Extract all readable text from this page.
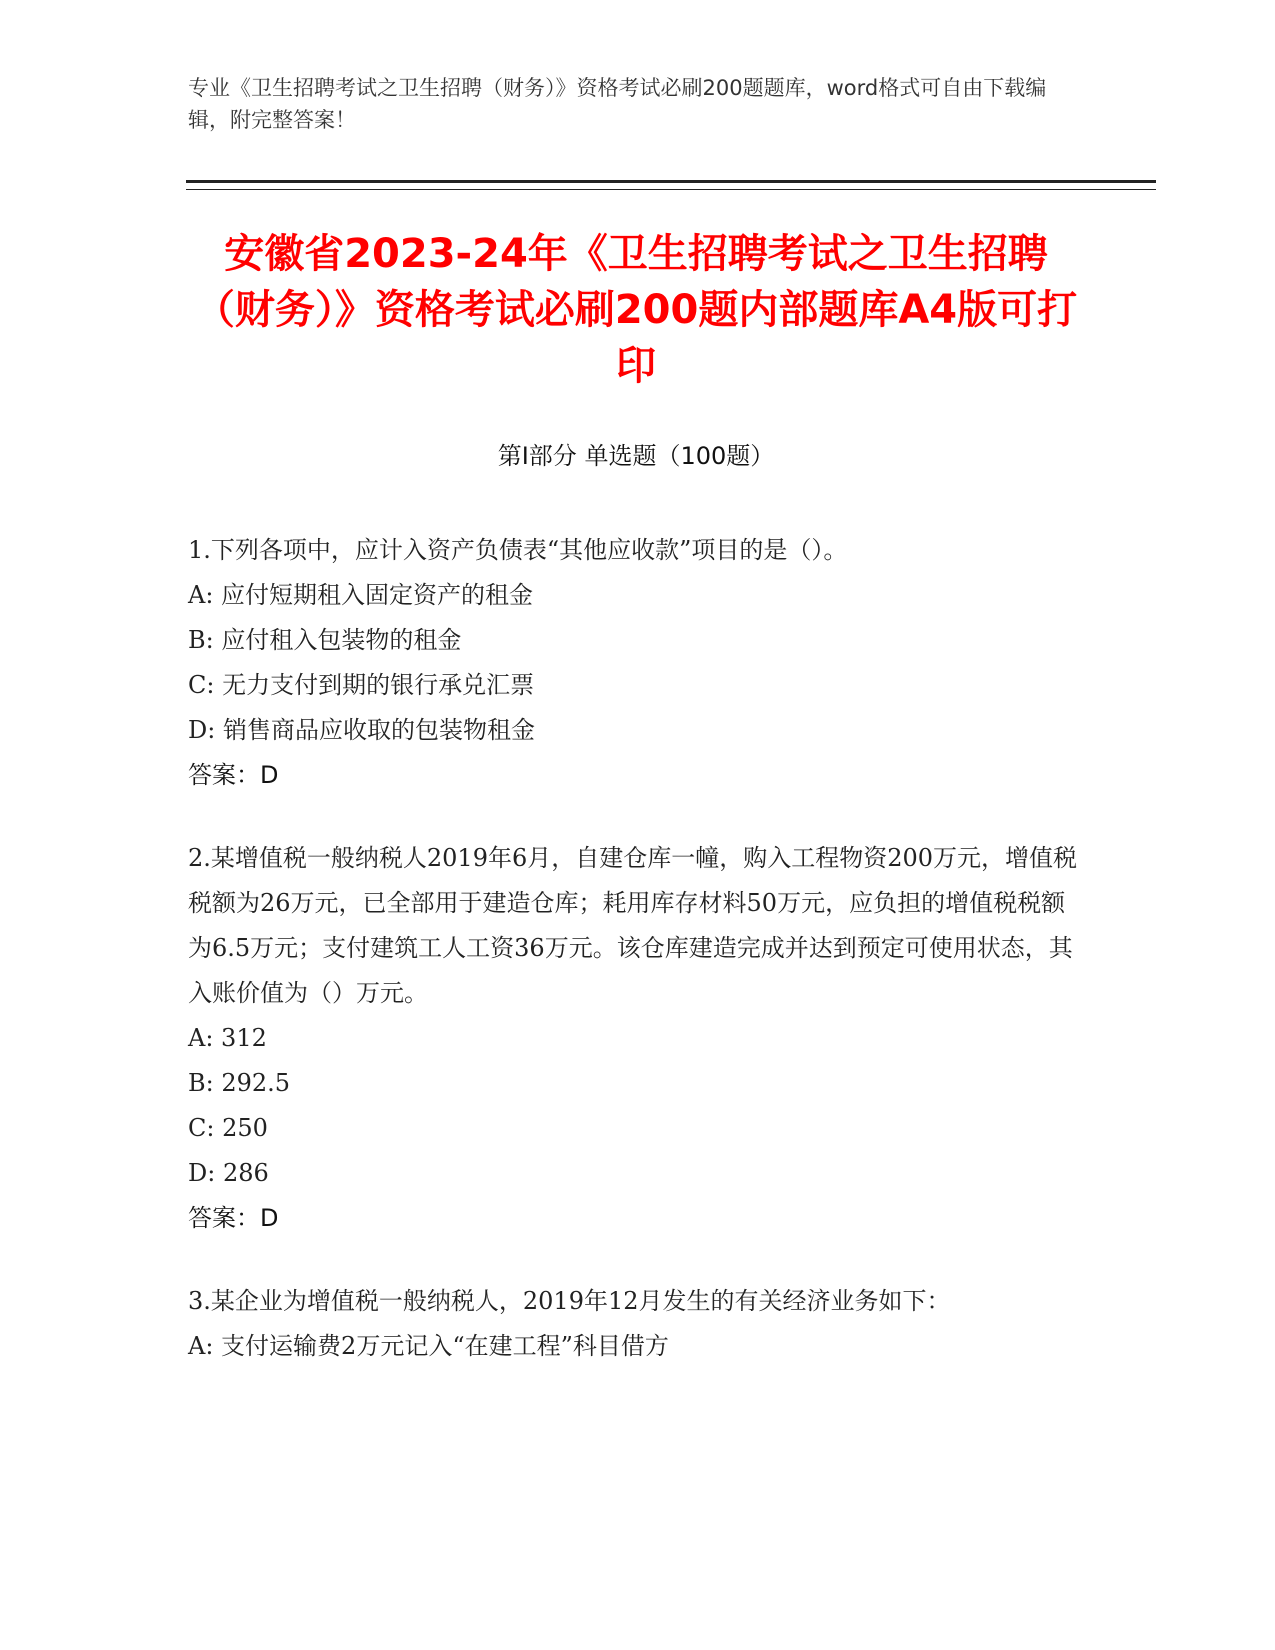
专业《卫生招聘考试之卫生招聘（财务）》资格考试必刷200题题库，word格式可自由下载编辑，附完整答案！
安徽省2023-24年《卫生招聘考试之卫生招聘（财务）》资格考试必刷200题内部题库A4版可打印
第I部分 单选题（100题）
1.下列各项中，应计入资产负债表“其他应收款”项目的是（）。
A: 应付短期租入固定资产的租金
B: 应付租入包装物的租金
C: 无力支付到期的银行承兑汇票
D: 销售商品应收取的包装物租金
答案：D
2.某增值税一般纳税人2019年6月，自建仓库一幢，购入工程物资200万元，增值税税额为26万元，已全部用于建造仓库；耗用库存材料50万元，应负担的增值税税额为6.5万元；支付建筑工人工资36万元。该仓库建造完成并达到预定可使用状态，其入账价值为（）万元。
A: 312
B: 292.5
C: 250
D: 286
答案：D
3.某企业为增值税一般纳税人，2019年12月发生的有关经济业务如下：
A: 支付运输费2万元记入“在建工程”科目借方
